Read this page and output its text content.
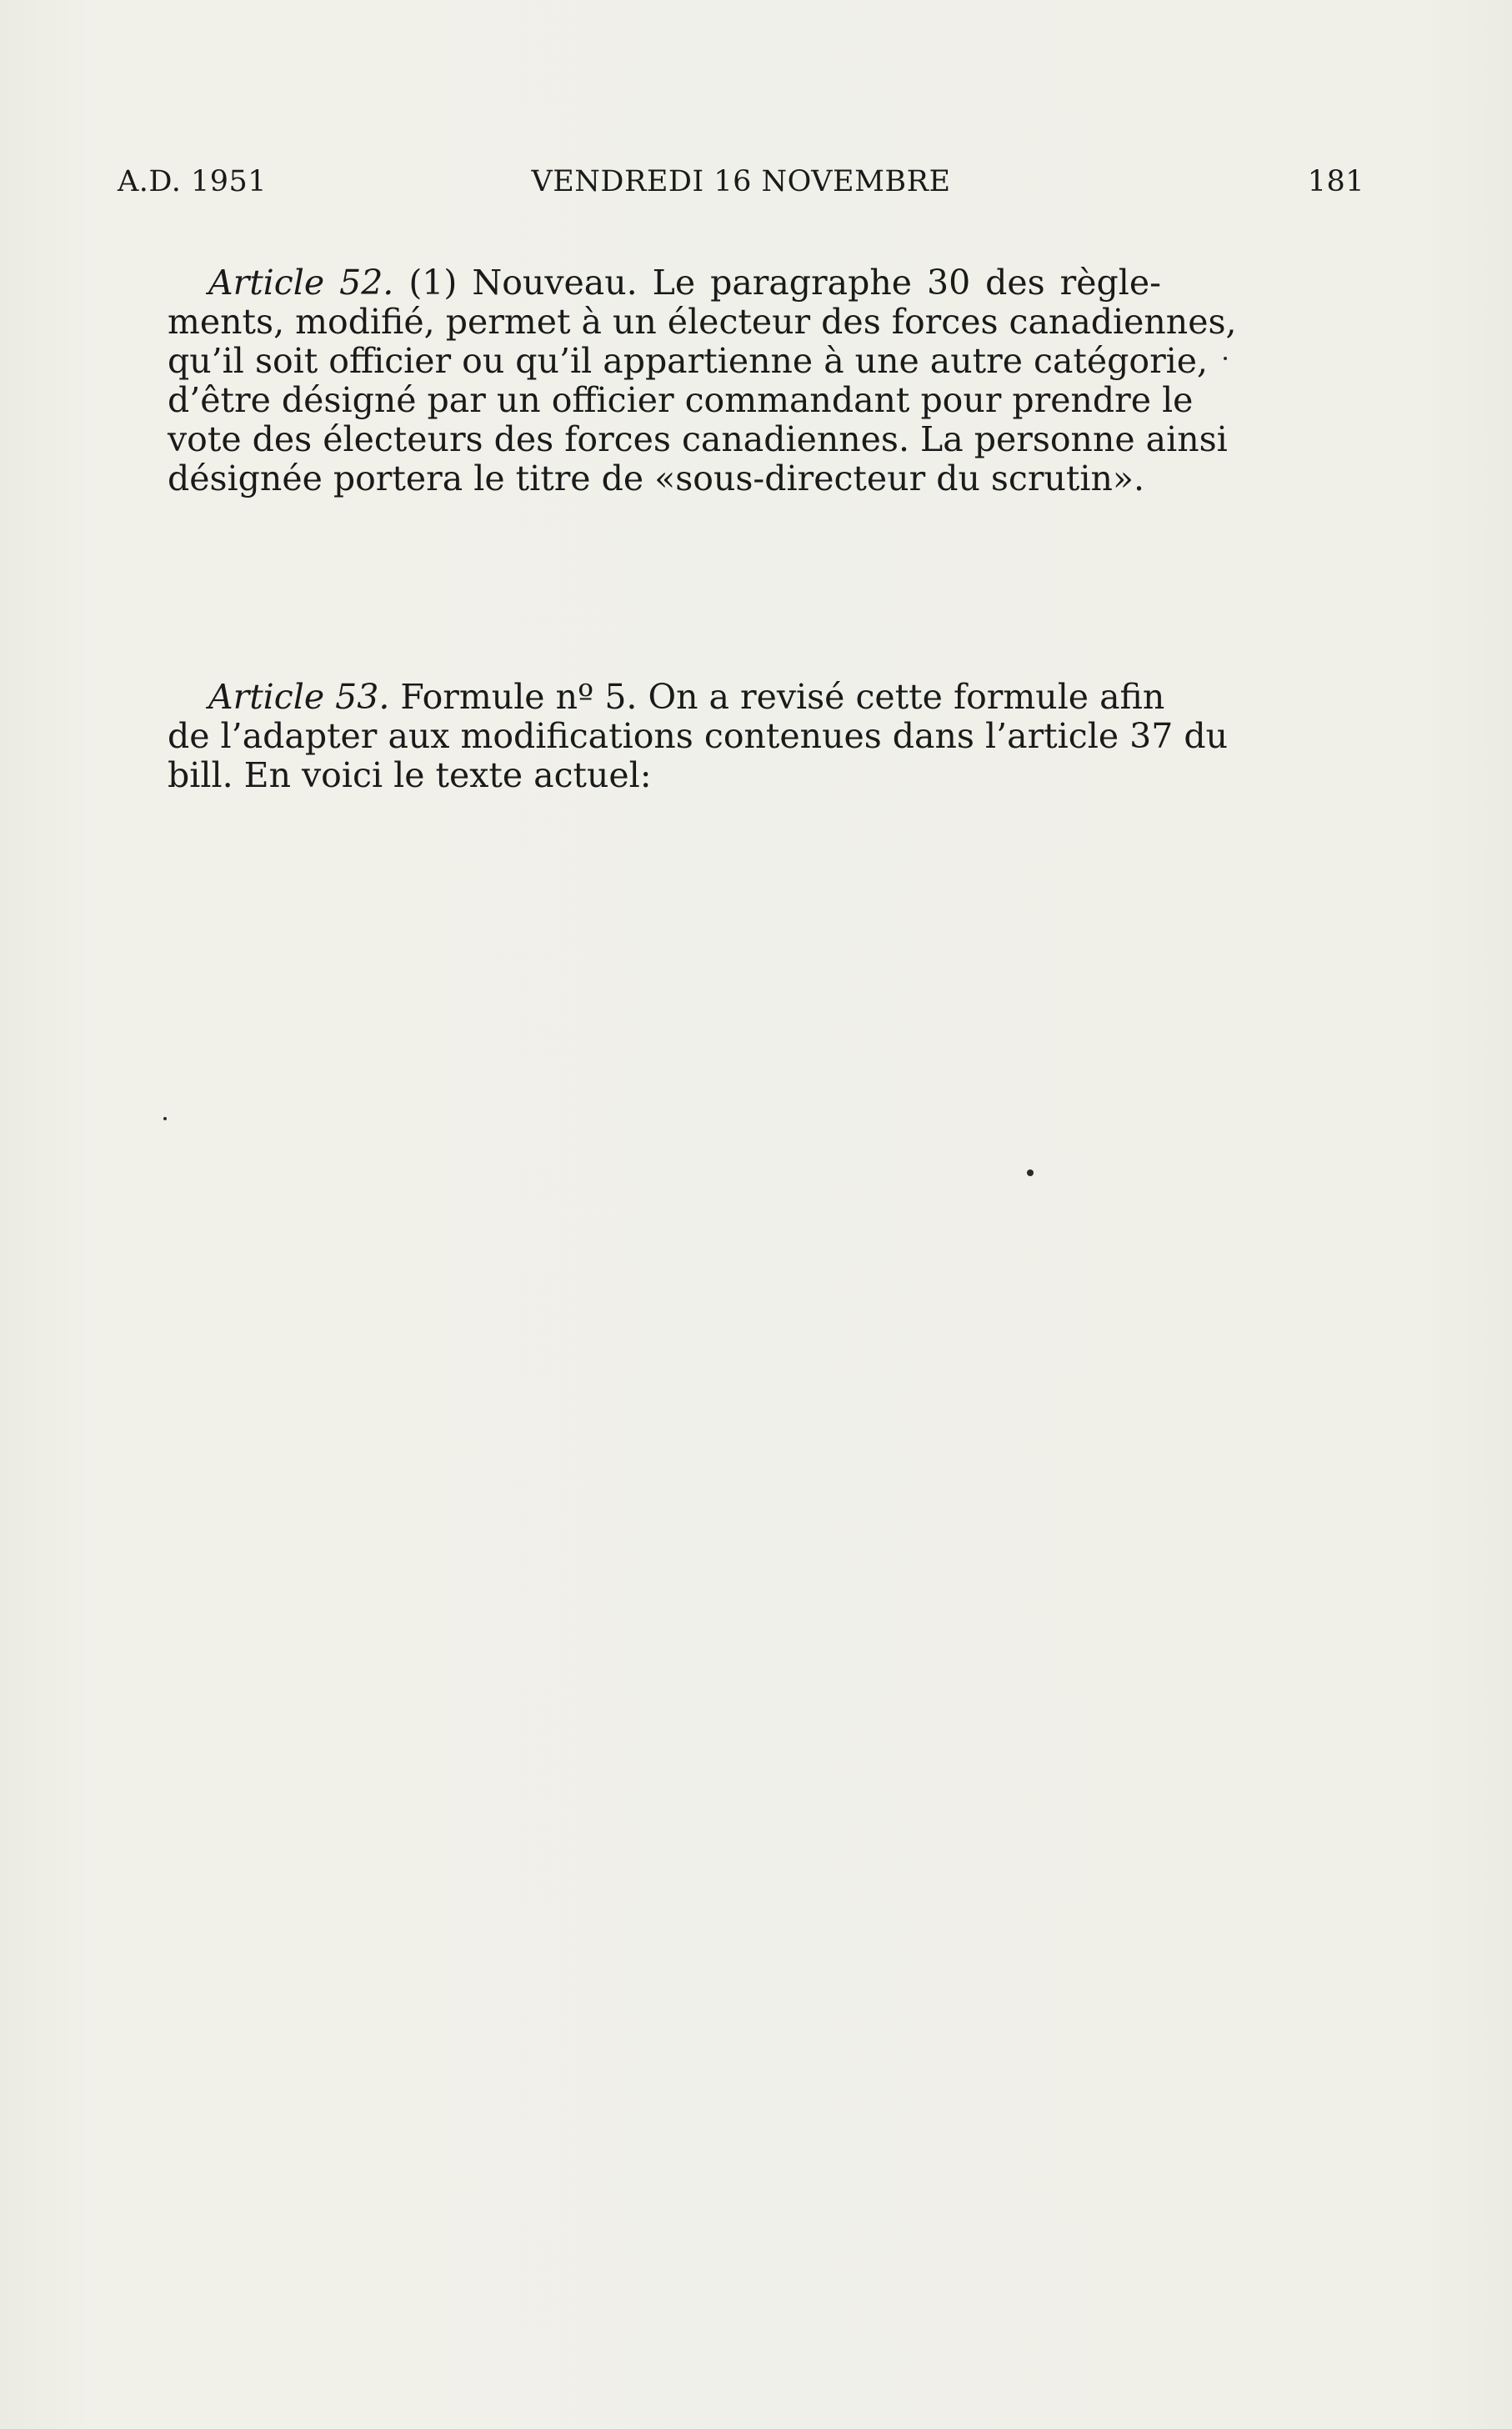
A.D. 1951	VENDREDI 16 NOVEMBRE	181
Article 52. (1) Nouveau. Le paragraphe 30 des règle-
ments, modifié, permet à un électeur des forces canadiennes,
qu’il soit officier ou qu’il appartienne à une autre catégorie,
d’être désigné par un officier commandant pour prendre le
vote des électeurs des forces canadiennes. La personne ainsi
désignée portera le titre de «sous-directeur du scrutin».
Article 53. Formule nº 5. On a revisé cette formule afin
de l’adapter aux modifications contenues dans l’article 37 du
bill. En voici le texte actuel:
